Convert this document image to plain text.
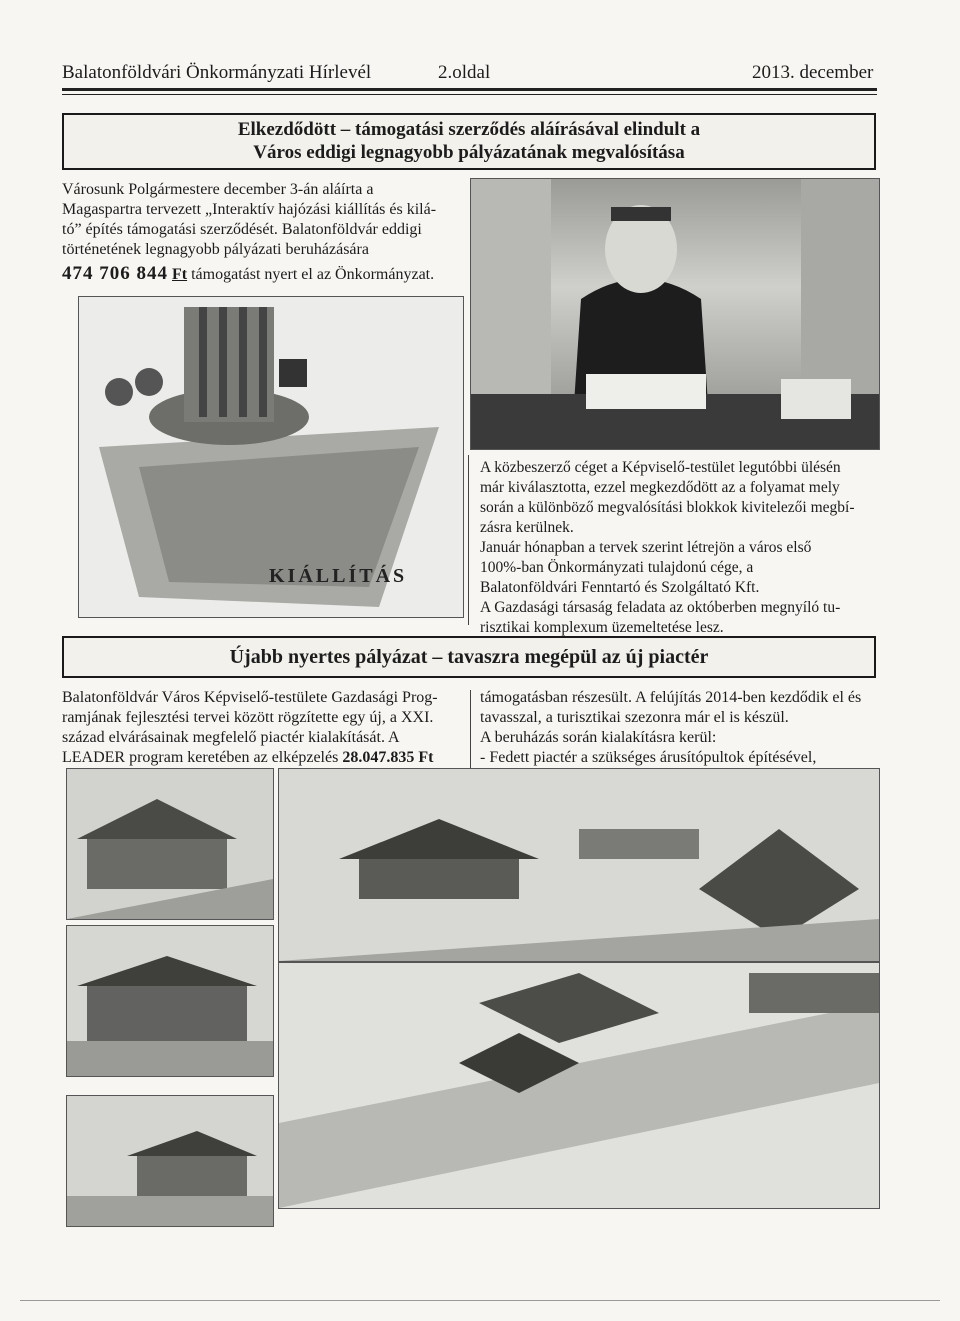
Balatonföldvári Önkormányzati Hírlevél	2.oldal	2013. december
Elkezdődött – támogatási szerződés aláírásával elindult a
Város eddigi legnagyobb pályázatának megvalósítása

Városunk Polgármestere december 3-án aláírta a

Magaspartra tervezett „Interaktív hajózási kiállítás és kilá-

tó” építés támogatási szerződését. Balatonföldvár eddigi

történetének legnagyobb pályázati beruházására

474 706 844 Ft támogatást nyert el az Önkormányzat.

KIÁLLÍTÁS

A közbeszerző céget a Képviselő-testület legutóbbi ülésén

már kiválasztotta, ezzel megkezdődött az a folyamat mely

során a különböző megvalósítási blokkok kivitelezői megbí-

zásra kerülnek.

Január hónapban a tervek szerint létrejön a város első

100%-ban Önkormányzati tulajdonú cége, a

Balatonföldvári Fenntartó és Szolgáltató Kft.

A Gazdasági társaság feladata az októberben megnyíló tu-

risztikai komplexum üzemeltetése lesz.

Újabb nyertes pályázat – tavaszra megépül az új piactér

Balatonföldvár Város Képviselő-testülete Gazdasági Prog-

ramjának fejlesztési tervei között rögzítette egy új, a XXI.

század elvárásainak megfelelő piactér kialakítását. A

LEADER program keretében az elképzelés 28.047.835 Ft

támogatásban részesült. A felújítás 2014-ben kezdődik el és

tavasszal, a turisztikai szezonra már el is készül.

A beruházás során kialakításra kerül:

- Fedett piactér a szükséges árusítópultok építésével,
